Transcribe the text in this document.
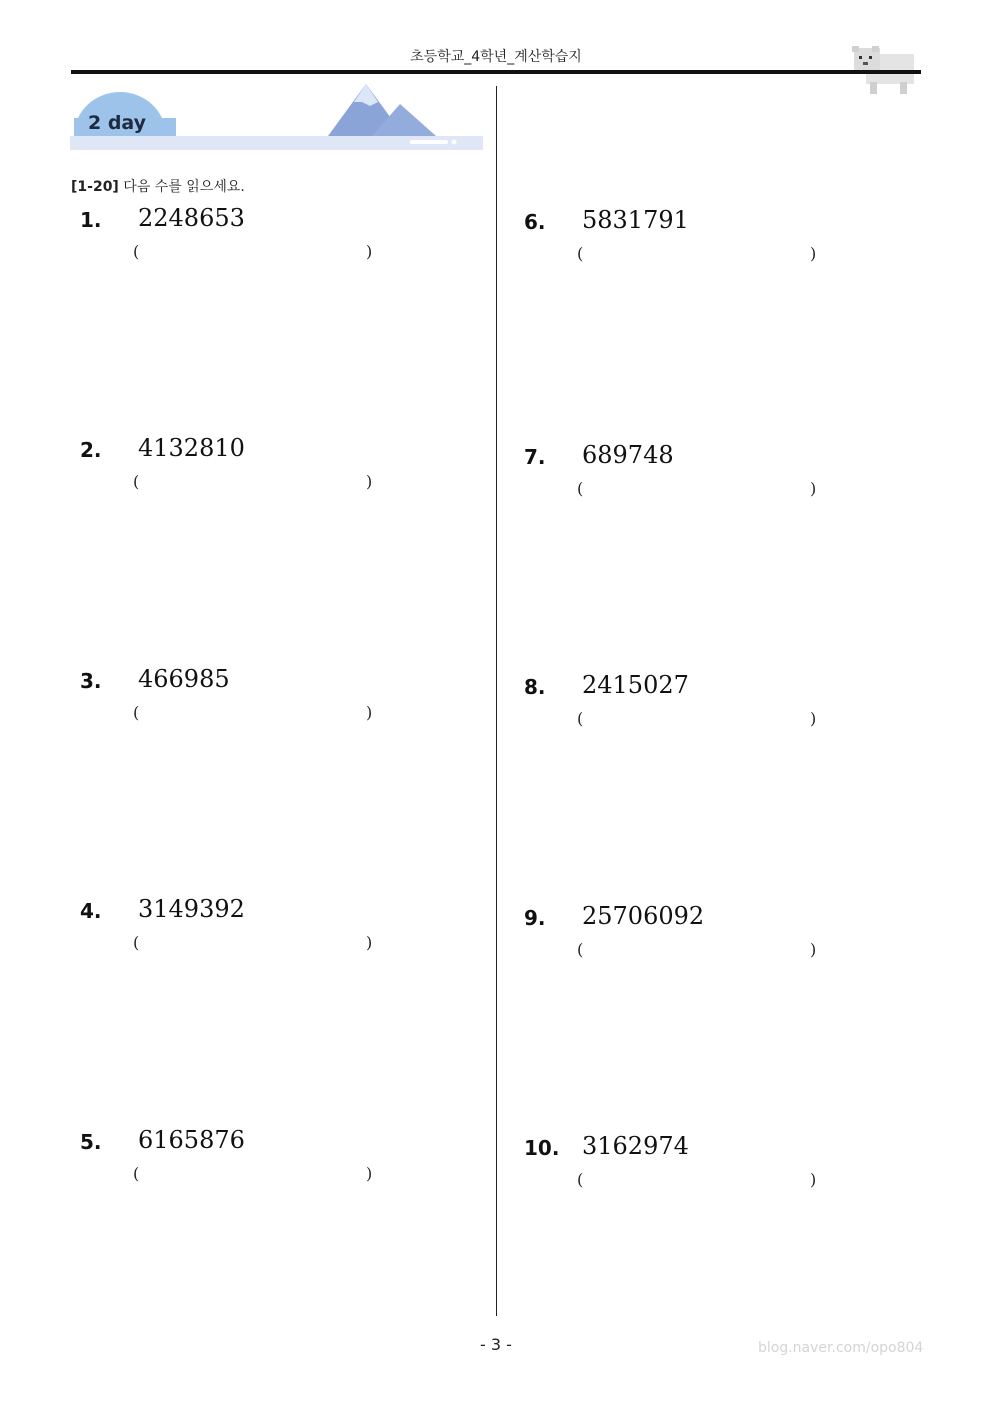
초등학교_4학년_계산학습지
2 day
[1-20] 다음 수를 읽으세요.
1. 2248653
(	)
2. 4132810
(	)
3. 466985
(	)
4. 3149392
(	)
5. 6165876
(	)
6. 5831791
(	)
7. 689748
(	)
8. 2415027
(	)
9. 25706092
(	)
10. 3162974
(	)
- 3 -	blog.naver.com/opo804
